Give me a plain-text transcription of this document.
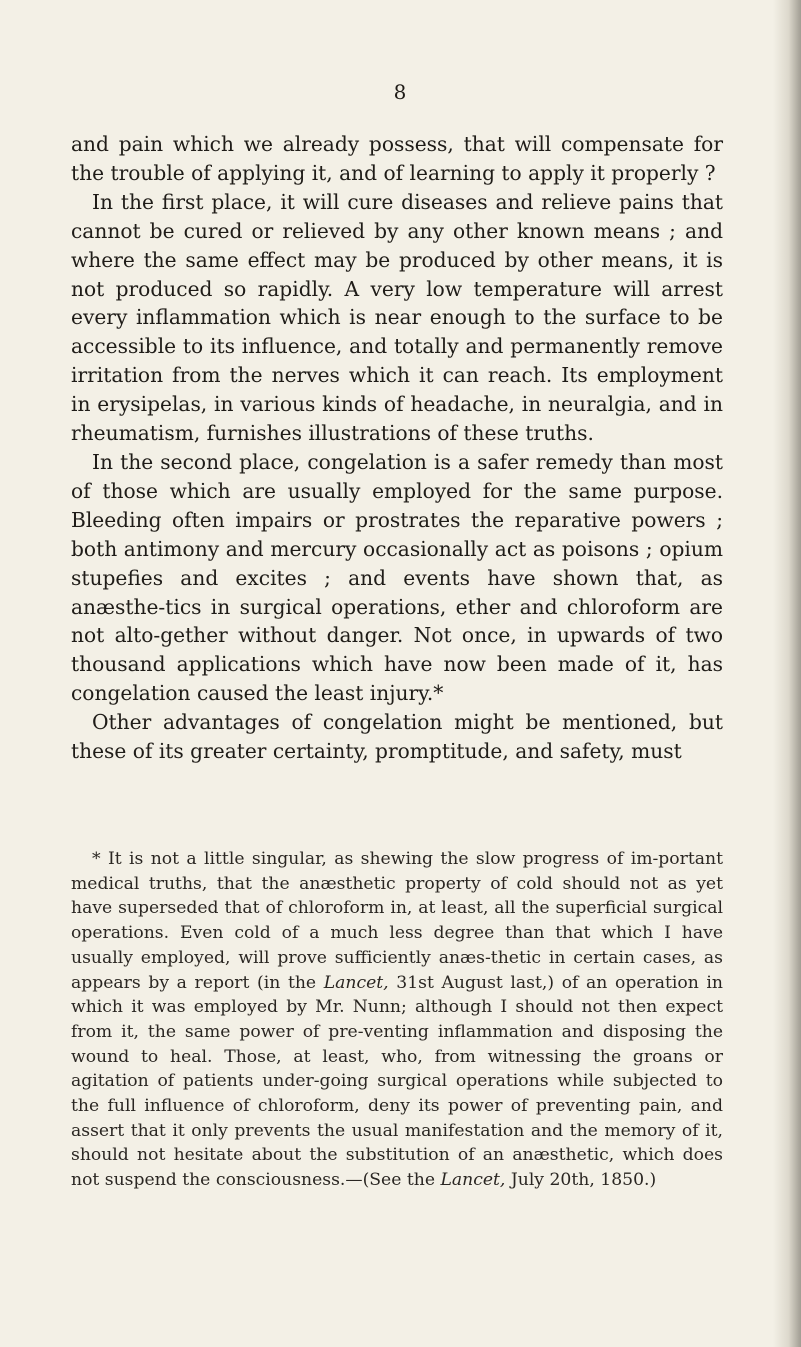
8

and pain which we already possess, that will compensate for the trouble of applying it, and of learning to apply it properly ?

In the first place, it will cure diseases and relieve pains that cannot be cured or relieved by any other known means ; and where the same effect may be produced by other means, it is not produced so rapidly. A very low temperature will arrest every inflammation which is near enough to the surface to be accessible to its influence, and totally and permanently remove irritation from the nerves which it can reach. Its employment in erysipelas, in various kinds of headache, in neuralgia, and in rheumatism, furnishes illustrations of these truths.

In the second place, congelation is a safer remedy than most of those which are usually employed for the same purpose. Bleeding often impairs or prostrates the reparative powers ; both antimony and mercury occasionally act as poisons ; opium stupefies and excites ; and events have shown that, as anæsthe-tics in surgical operations, ether and chloroform are not alto-gether without danger. Not once, in upwards of two thousand applications which have now been made of it, has congelation caused the least injury.*

Other advantages of congelation might be mentioned, but these of its greater certainty, promptitude, and safety, must

* It is not a little singular, as shewing the slow progress of im-portant medical truths, that the anæsthetic property of cold should not as yet have superseded that of chloroform in, at least, all the superficial surgical operations. Even cold of a much less degree than that which I have usually employed, will prove sufficiently anæs-thetic in certain cases, as appears by a report (in the Lancet, 31st August last,) of an operation in which it was employed by Mr. Nunn; although I should not then expect from it, the same power of pre-venting inflammation and disposing the wound to heal. Those, at least, who, from witnessing the groans or agitation of patients under-going surgical operations while subjected to the full influence of chloroform, deny its power of preventing pain, and assert that it only prevents the usual manifestation and the memory of it, should not hesitate about the substitution of an anæsthetic, which does not suspend the consciousness.—(See the Lancet, July 20th, 1850.)
